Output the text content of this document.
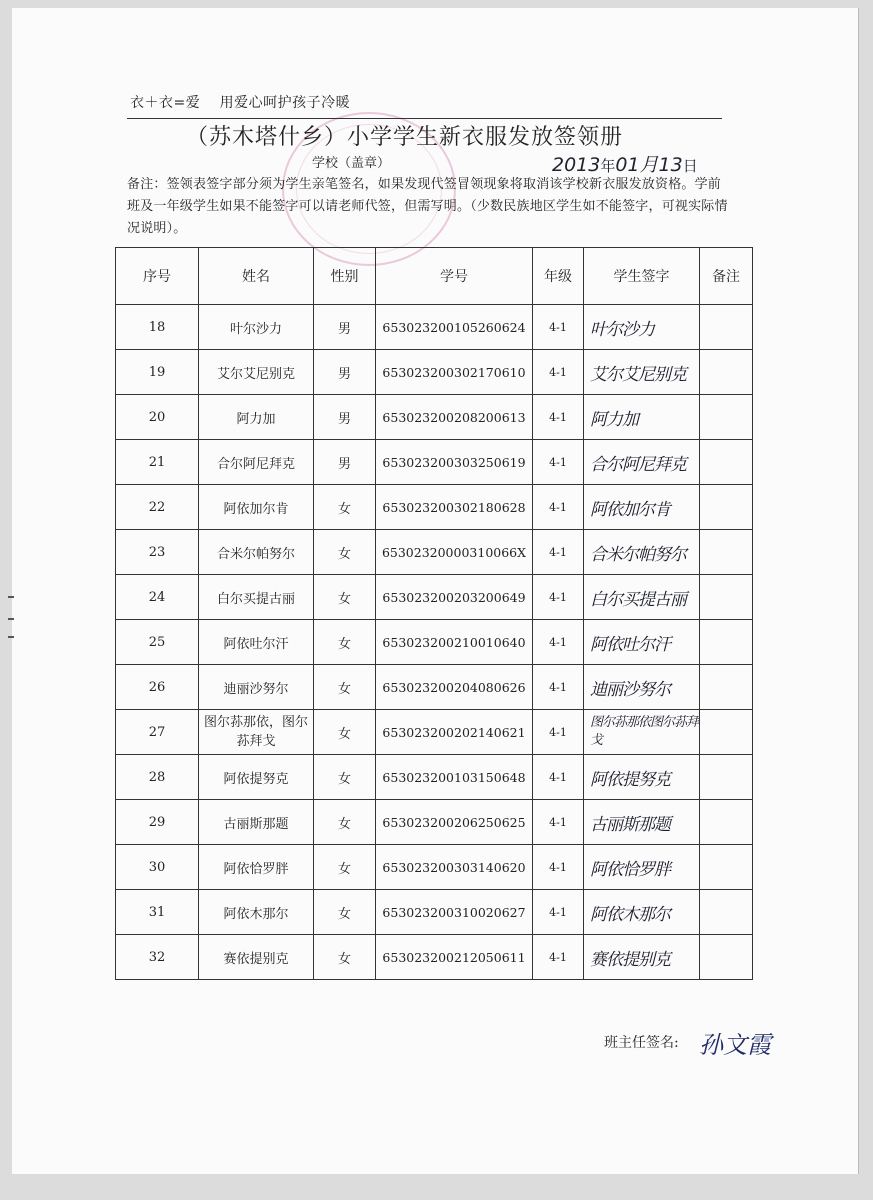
衣＋衣=爱　 用爱心呵护孩子冷暖
（苏木塔什乡）小学学生新衣服发放签领册
学校（盖章）	2013年01月13日
备注：签领表签字部分须为学生亲笔签名，如果发现代签冒领现象将取消该学校新衣服发放资格。学前班及一年级学生如果不能签字可以请老师代签，但需写明。（少数民族地区学生如不能签字，可视实际情况说明）。
序号	姓名	性别	学号	年级	学生签字	备注
18	叶尔沙力	男	653023200105260624	4-1	叶尔沙力	
19	艾尔艾尼别克	男	653023200302170610	4-1	艾尔艾尼别克	
20	阿力加	男	653023200208200613	4-1	阿力加	
21	合尔阿尼拜克	男	653023200303250619	4-1	合尔阿尼拜克	
22	阿依加尔肯	女	653023200302180628	4-1	阿依加尔肯	
23	合米尔帕努尔	女	65302320000310066X	4-1	合米尔帕努尔	
24	白尔买提古丽	女	653023200203200649	4-1	白尔买提古丽	
25	阿依吐尔汗	女	653023200210010640	4-1	阿依吐尔汗	
26	迪丽沙努尔	女	653023200204080626	4-1	迪丽沙努尔	
27	图尔荪那依，图尔荪拜戈	女	653023200202140621	4-1	图尔荪那依图尔荪拜戈	
28	阿依提努克	女	653023200103150648	4-1	阿依提努克	
29	古丽斯那题	女	653023200206250625	4-1	古丽斯那题	
30	阿依恰罗胖	女	653023200303140620	4-1	阿依恰罗胖	
31	阿依木那尔	女	653023200310020627	4-1	阿依木那尔	
32	赛依提别克	女	653023200212050611	4-1	赛依提别克	
班主任签名: 孙文霞
